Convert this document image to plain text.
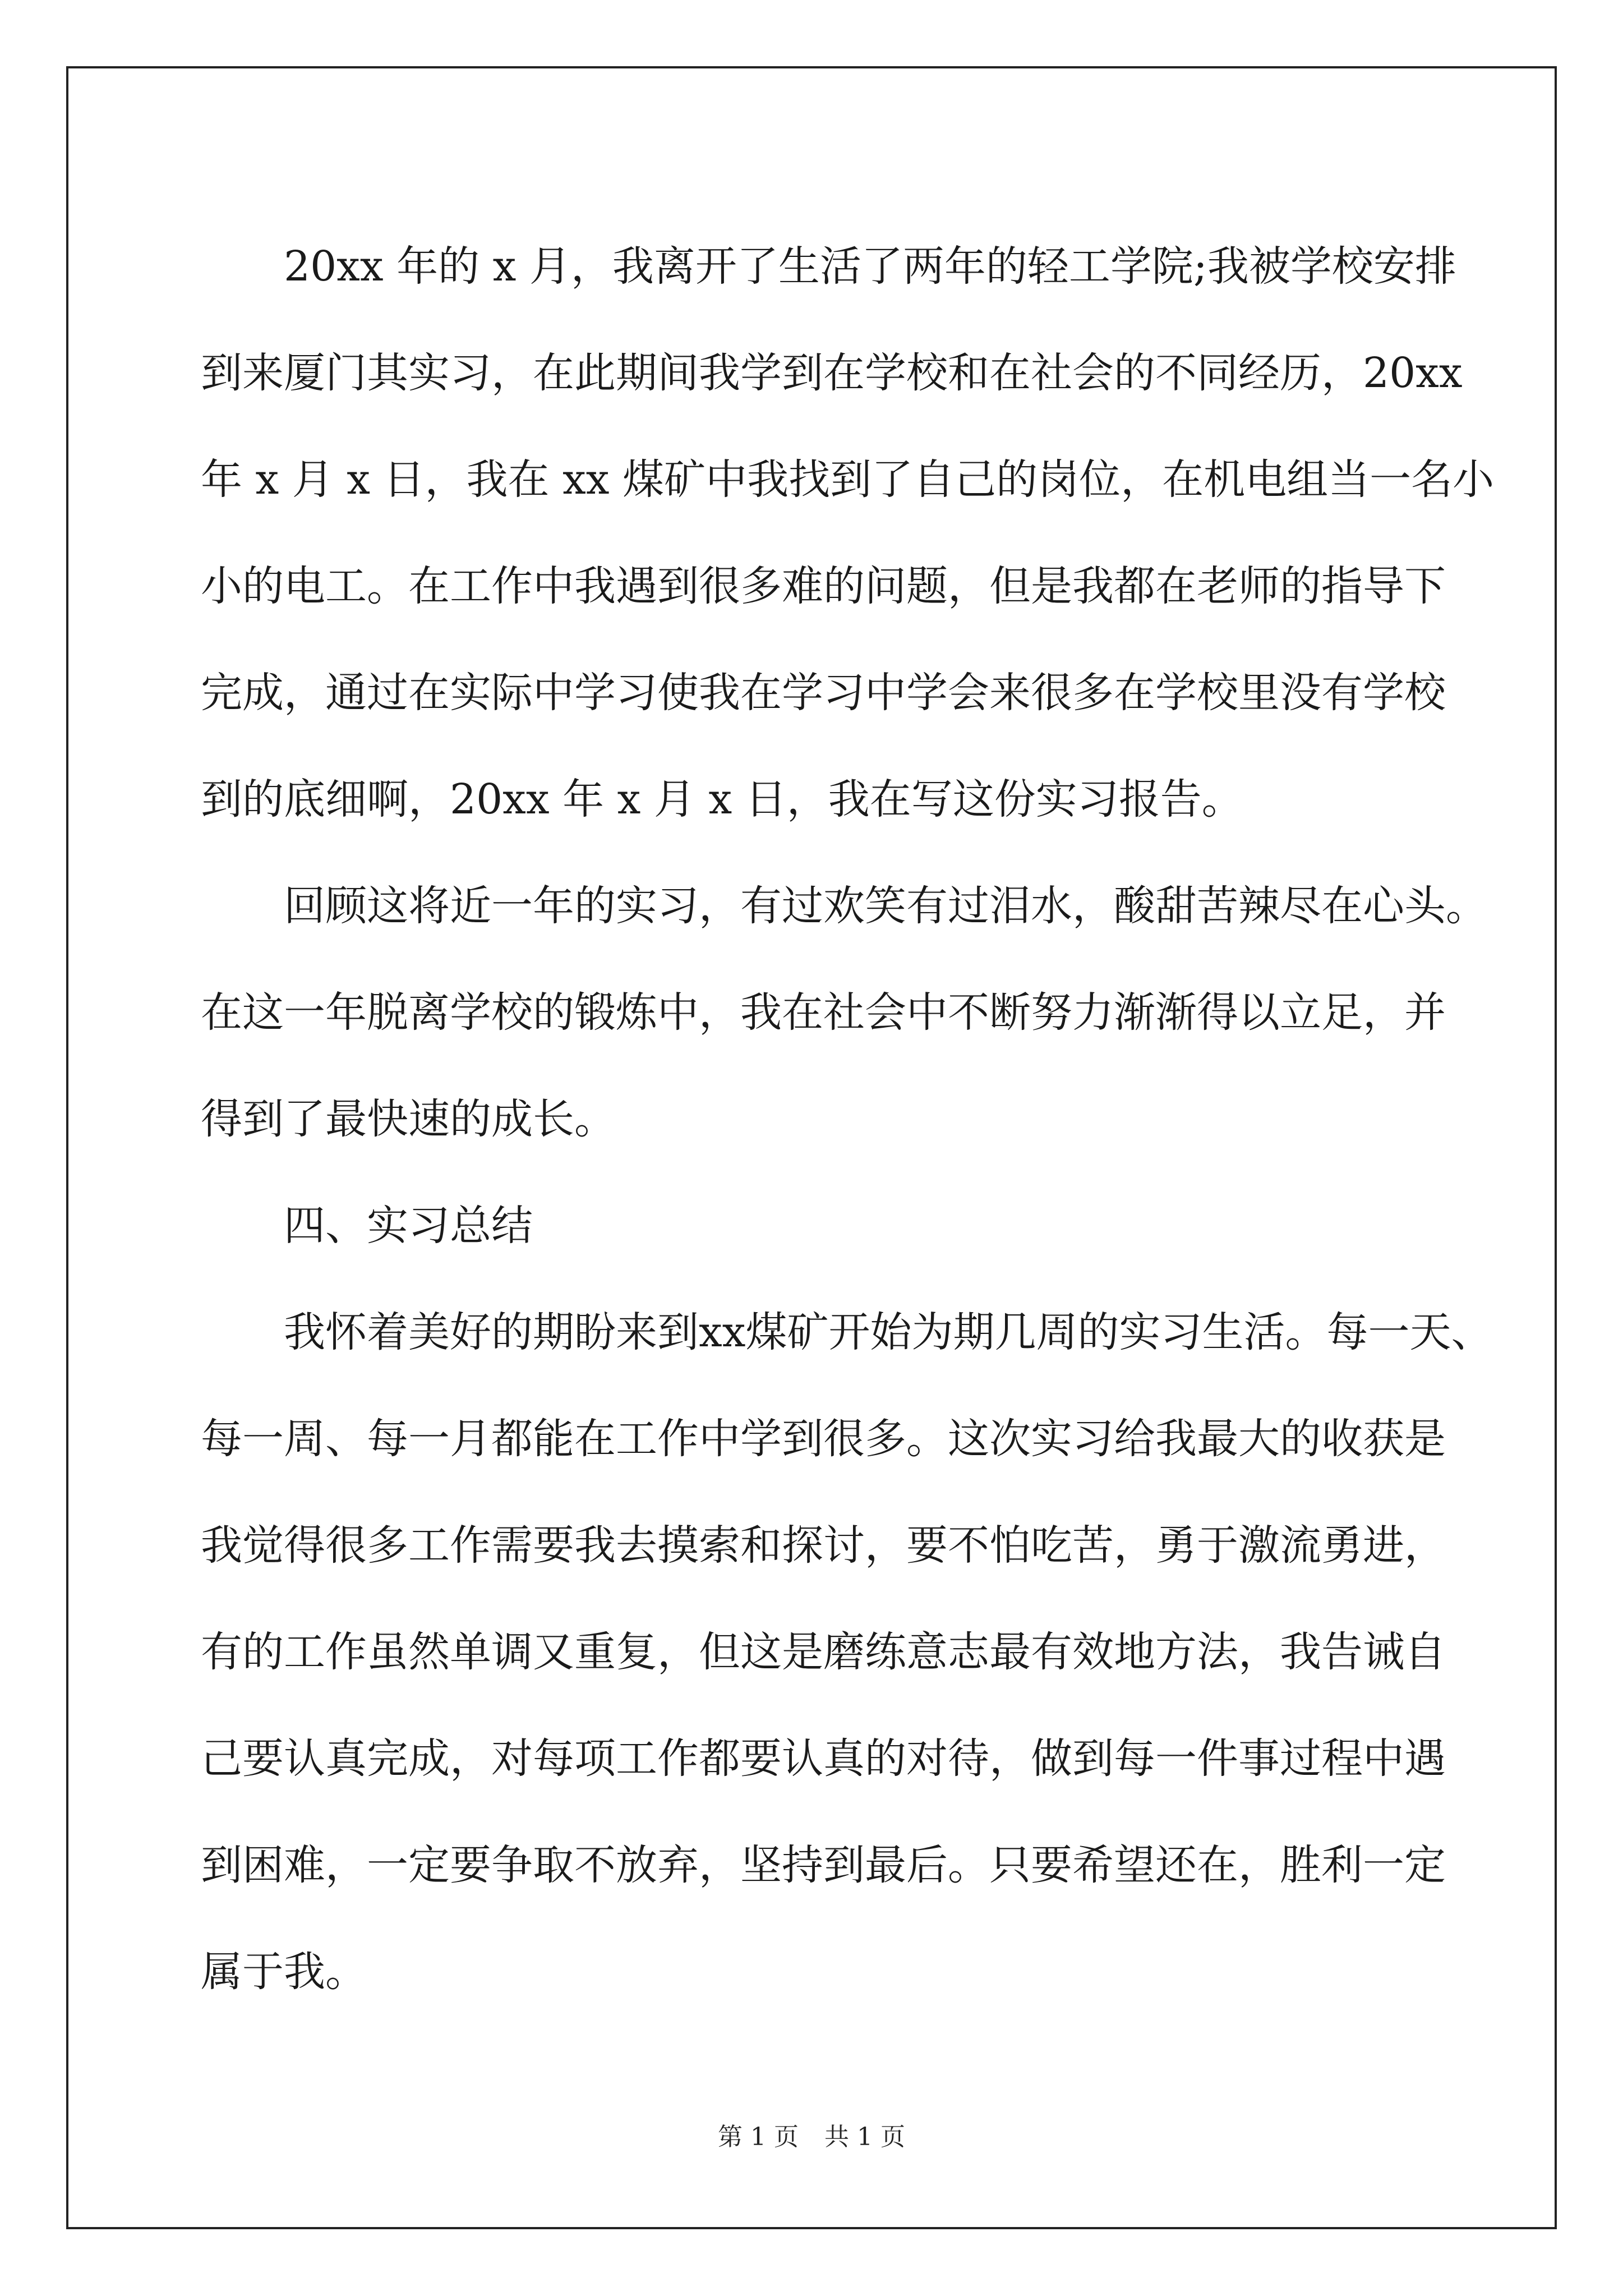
20xx 年的 x 月，我离开了生活了两年的轻工学院;我被学校安排
到来厦门其实习，在此期间我学到在学校和在社会的不同经历，20xx
年 x 月 x 日，我在 xx 煤矿中我找到了自己的岗位，在机电组当一名小
小的电工。在工作中我遇到很多难的问题，但是我都在老师的指导下
完成，通过在实际中学习使我在学习中学会来很多在学校里没有学校
到的底细啊，20xx 年 x 月 x 日，我在写这份实习报告。

回顾这将近一年的实习，有过欢笑有过泪水，酸甜苦辣尽在心头。
在这一年脱离学校的锻炼中，我在社会中不断努力渐渐得以立足，并
得到了最快速的成长。

四、实习总结

我怀着美好的期盼来到xx煤矿开始为期几周的实习生活。每一天、
每一周、每一月都能在工作中学到很多。这次实习给我最大的收获是
我觉得很多工作需要我去摸索和探讨，要不怕吃苦，勇于激流勇进，
有的工作虽然单调又重复，但这是磨练意志最有效地方法，我告诫自
己要认真完成，对每项工作都要认真的对待，做到每一件事过程中遇
到困难，一定要争取不放弃，坚持到最后。只要希望还在，胜利一定
属于我。

第 1 页 共 1 页
